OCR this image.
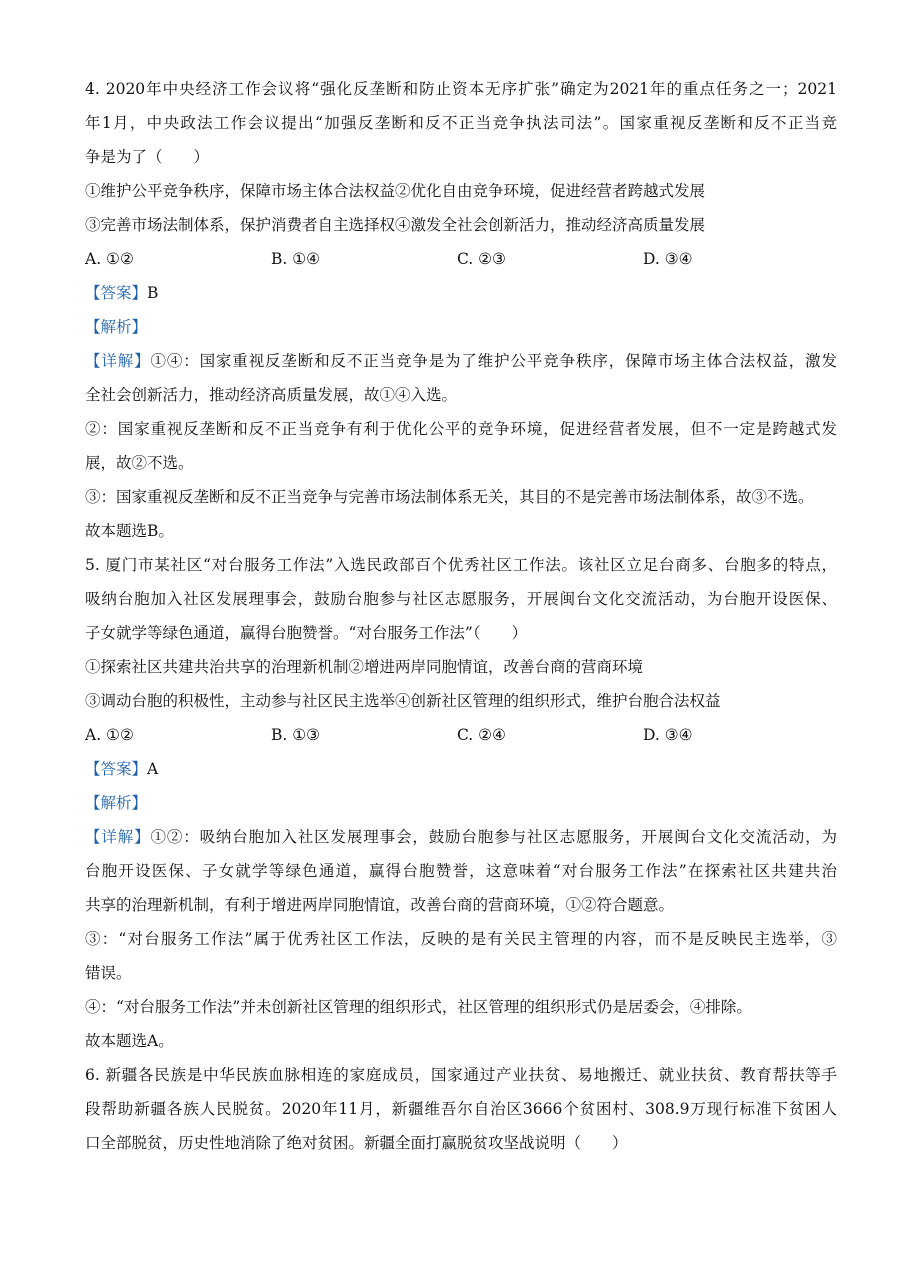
4. 2020年中央经济工作会议将“强化反垄断和防止资本无序扩张”确定为2021年的重点任务之一；2021
年1月，中央政法工作会议提出“加强反垄断和反不正当竞争执法司法”。国家重视反垄断和反不正当竞
争是为了（　　）
①维护公平竞争秩序，保障市场主体合法权益②优化自由竞争环境，促进经营者跨越式发展
③完善市场法制体系，保护消费者自主选择权④激发全社会创新活力，推动经济高质量发展
A. ①②	B. ①④	C. ②③	D. ③④
【答案】B
【解析】
【详解】①④：国家重视反垄断和反不正当竞争是为了维护公平竞争秩序，保障市场主体合法权益，激发
全社会创新活力，推动经济高质量发展，故①④入选。
②：国家重视反垄断和反不正当竞争有利于优化公平的竞争环境，促进经营者发展，但不一定是跨越式发
展，故②不选。
③：国家重视反垄断和反不正当竞争与完善市场法制体系无关，其目的不是完善市场法制体系，故③不选。
故本题选B。
5. 厦门市某社区“对台服务工作法”入选民政部百个优秀社区工作法。该社区立足台商多、台胞多的特点，
吸纳台胞加入社区发展理事会，鼓励台胞参与社区志愿服务，开展闽台文化交流活动，为台胞开设医保、
子女就学等绿色通道，赢得台胞赞誉。“对台服务工作法”（　　）
①探索社区共建共治共享的治理新机制②增进两岸同胞情谊，改善台商的营商环境
③调动台胞的积极性，主动参与社区民主选举④创新社区管理的组织形式，维护台胞合法权益
A. ①②	B. ①③	C. ②④	D. ③④
【答案】A
【解析】
【详解】①②：吸纳台胞加入社区发展理事会，鼓励台胞参与社区志愿服务，开展闽台文化交流活动，为
台胞开设医保、子女就学等绿色通道，赢得台胞赞誉，这意味着“对台服务工作法”在探索社区共建共治
共享的治理新机制，有利于增进两岸同胞情谊，改善台商的营商环境，①②符合题意。
③：“对台服务工作法”属于优秀社区工作法，反映的是有关民主管理的内容，而不是反映民主选举，③
错误。
④：“对台服务工作法”并未创新社区管理的组织形式，社区管理的组织形式仍是居委会，④排除。
故本题选A。
6. 新疆各民族是中华民族血脉相连的家庭成员，国家通过产业扶贫、易地搬迁、就业扶贫、教育帮扶等手
段帮助新疆各族人民脱贫。2020年11月，新疆维吾尔自治区3666个贫困村、308.9万现行标准下贫困人
口全部脱贫，历史性地消除了绝对贫困。新疆全面打赢脱贫攻坚战说明（　　）
